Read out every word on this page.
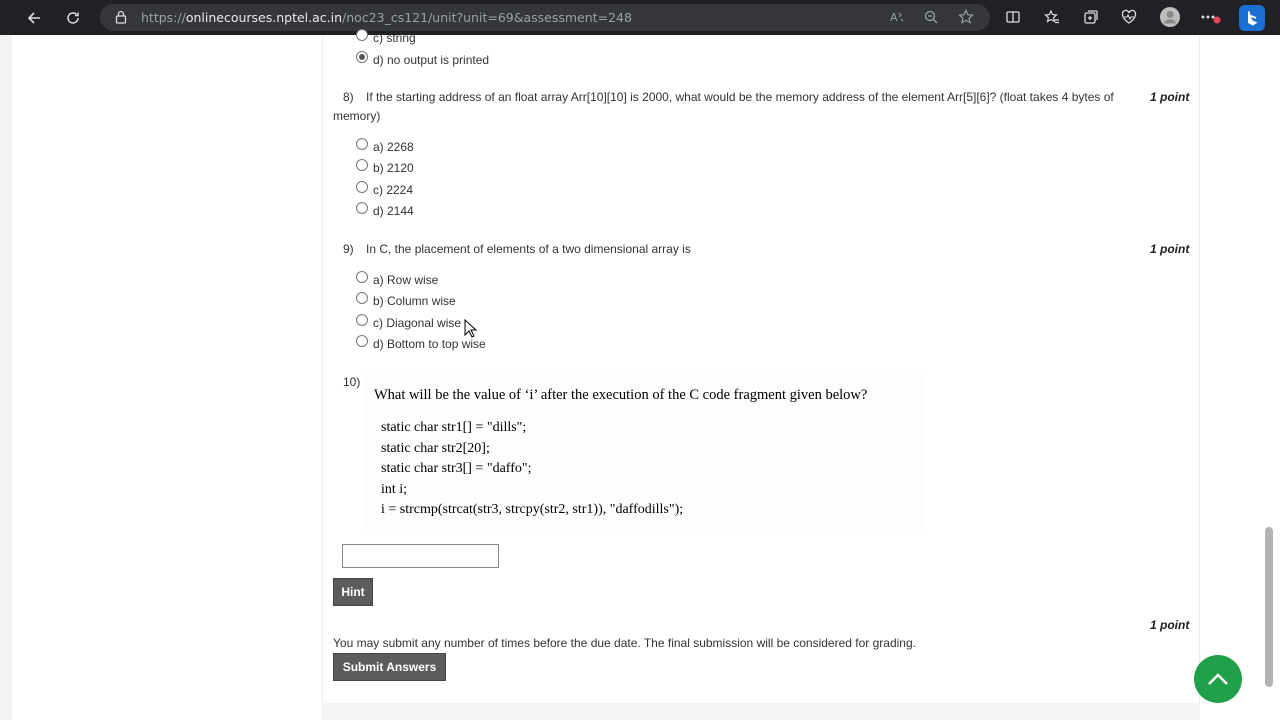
https://onlinecourses.nptel.ac.in/noc23_cs121/unit?unit=69&assessment=248	A
c) string
d) no output is printed
8) If the starting address of an float array Arr[10][10] is 2000, what would be the memory address of the element Arr[5][6]? (float takes 4 bytes of
memory)
1 point
a) 2268
b) 2120
c) 2224
d) 2144
9) In C, the placement of elements of a two dimensional array is	1 point
a) Row wise
b) Column wise
c) Diagonal wise
d) Bottom to top wise
10)
What will be the value of ‘i’ after the execution of the C code fragment given below?
static char str1[] = "dills";
static char str2[20];
static char str3[] = "daffo";
int i;
i = strcmp(strcat(str3, strcpy(str2, str1)), "daffodills");
Hint
1 point
You may submit any number of times before the due date. The final submission will be considered for grading.
Submit Answers
